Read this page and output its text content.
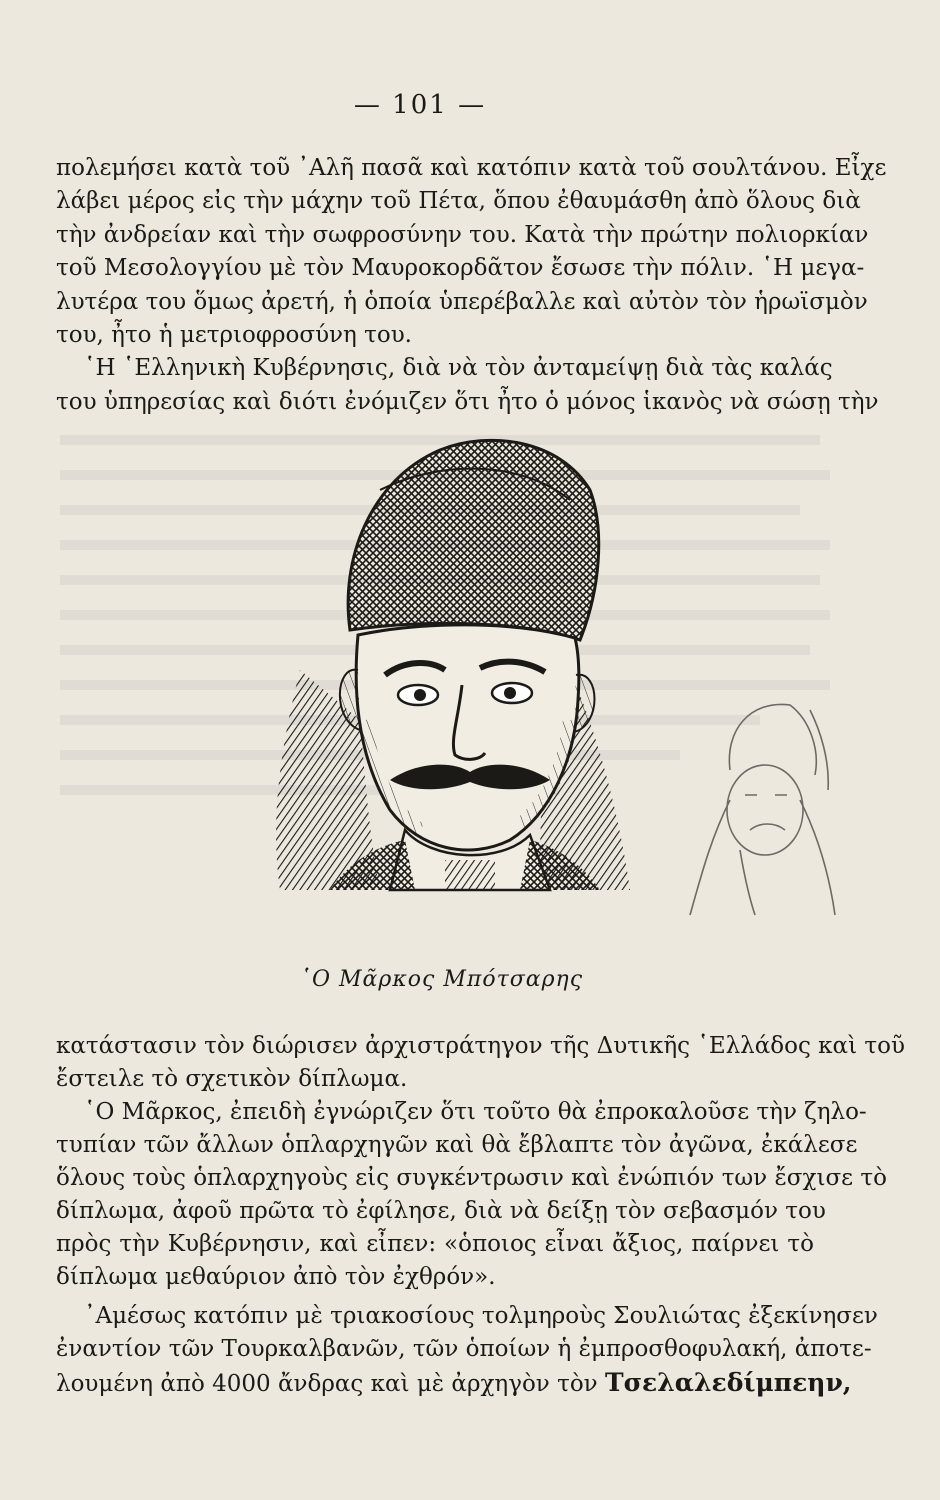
— 101 —

πολεμήσει κατὰ τοῦ ᾿Αλῆ πασᾶ καὶ κατόπιν κατὰ τοῦ σουλτάνου. Εἶχε
λάβει μέρος εἰς τὴν μάχην τοῦ Πέτα, ὅπου ἐθαυμάσθη ἀπὸ ὅλους διὰ
τὴν ἀνδρείαν καὶ τὴν σωφροσύνην του. Κατὰ τὴν πρώτην πολιορκίαν
τοῦ Μεσολογγίου μὲ τὸν Μαυροκορδᾶτον ἔσωσε τὴν πόλιν. ῾Η μεγα-
λυτέρα του ὅμως ἀρετή, ἡ ὁποία ὑπερέβαλλε καὶ αὐτὸν τὸν ἡρωϊσμὸν
του, ἦτο ἡ μετριοφροσύνη του.

῾Η ῾Ελληνικὴ Κυβέρνησις, διὰ νὰ τὸν ἀνταμείψῃ διὰ τὰς καλάς
του ὑπηρεσίας καὶ διότι ἐνόμιζεν ὅτι ἦτο ὁ μόνος ἱκανὸς νὰ σώσῃ τὴν

῾Ο Μᾶρκος Μπότσαρης

κατάστασιν τὸν διώρισεν ἀρχιστράτηγον τῆς Δυτικῆς ῾Ελλάδος καὶ τοῦ
ἔστειλε τὸ σχετικὸν δίπλωμα.

῾Ο Μᾶρκος, ἐπειδὴ ἐγνώριζεν ὅτι τοῦτο θὰ ἐπροκαλοῦσε τὴν ζηλο-
τυπίαν τῶν ἄλλων ὁπλαρχηγῶν καὶ θὰ ἔβλαπτε τὸν ἀγῶνα, ἐκάλεσε
ὅλους τοὺς ὁπλαρχηγοὺς εἰς συγκέντρωσιν καὶ ἐνώπιόν των ἔσχισε τὸ
δίπλωμα, ἀφοῦ πρῶτα τὸ ἐφίλησε, διὰ νὰ δείξῃ τὸν σεβασμόν του
πρὸς τὴν Κυβέρνησιν, καὶ εἶπεν: «ὁποιος εἶναι ἄξιος, παίρνει τὸ
δίπλωμα μεθαύριον ἀπὸ τὸν ἐχθρόν».

᾿Αμέσως κατόπιν μὲ τριακοσίους τολμηροὺς Σουλιώτας ἐξεκίνησεν
ἐναντίον τῶν Τουρκαλβανῶν, τῶν ὁποίων ἡ ἐμπροσθοφυλακή, ἀποτε-
λουμένη ἀπὸ 4000 ἄνδρας καὶ μὲ ἀρχηγὸν τὸν Τσελαλεδίμπεην,
